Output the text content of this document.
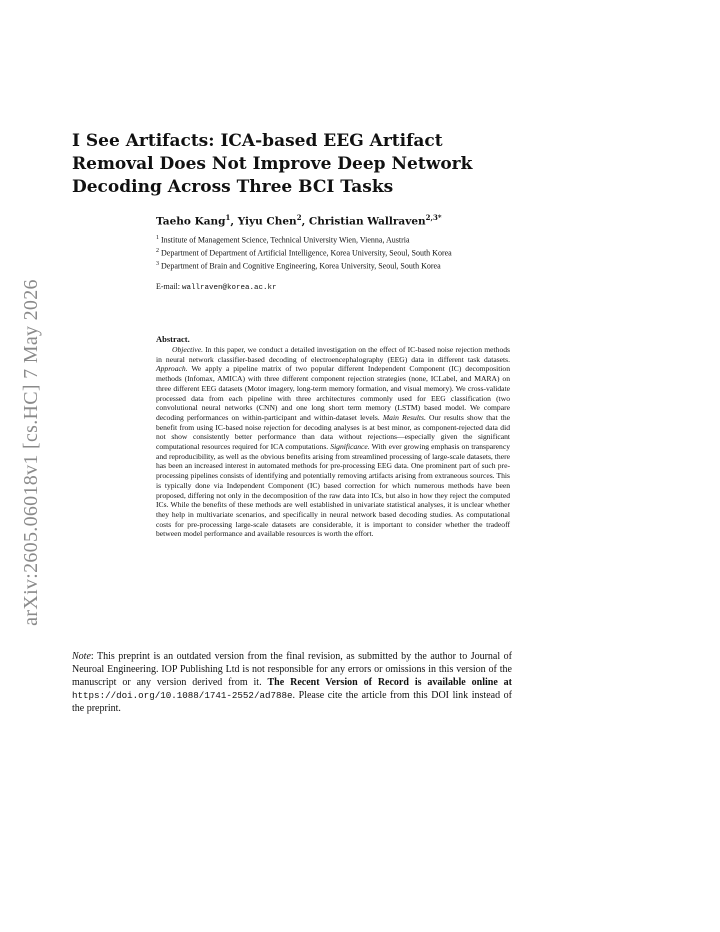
arXiv:2605.06018v1 [cs.HC] 7 May 2026
I See Artifacts: ICA-based EEG Artifact Removal Does Not Improve Deep Network Decoding Across Three BCI Tasks

Taeho Kang$^1$, Yiyu Chen$^2$, Christian Wallraven$^{2,3*}$

$^1$ Institute of Management Science, Technical University Wien, Vienna, Austria

$^2$ Department of Department of Artificial Intelligence, Korea University, Seoul, South Korea

$^3$ Department of Brain and Cognitive Engineering, Korea University, Seoul, South Korea

E-mail: wallraven@korea.ac.kr

Abstract.

Objective. In this paper, we conduct a detailed investigation on the effect of IC-based noise rejection methods in neural network classifier-based decoding of electroencephalography (EEG) data in different task datasets. Approach. We apply a pipeline matrix of two popular different Independent Component (IC) decomposition methods (Infomax, AMICA) with three different component rejection strategies (none, ICLabel, and MARA) on three different EEG datasets (Motor imagery, long-term memory formation, and visual memory). We cross-validate processed data from each pipeline with three architectures commonly used for EEG classification (two convolutional neural networks (CNN) and one long short term memory (LSTM) based model. We compare decoding performances on within-participant and within-dataset levels. Main Results. Our results show that the benefit from using IC-based noise rejection for decoding analyses is at best minor, as component-rejected data did not show consistently better performance than data without rejections—especially given the significant computational resources required for ICA computations. Significance. With ever growing emphasis on transparency and reproducibility, as well as the obvious benefits arising from streamlined processing of large-scale datasets, there has been an increased interest in automated methods for pre-processing EEG data. One prominent part of such pre-processing pipelines consists of identifying and potentially removing artifacts arising from extraneous sources. This is typically done via Independent Component (IC) based correction for which numerous methods have been proposed, differing not only in the decomposition of the raw data into ICs, but also in how they reject the computed ICs. While the benefits of these methods are well established in univariate statistical analyses, it is unclear whether they help in multivariate scenarios, and specifically in neural network based decoding studies. As computational costs for pre-processing large-scale datasets are considerable, it is important to consider whether the tradeoff between model performance and available resources is worth the effort.

Note: This preprint is an outdated version from the final revision, as submitted by the author to Journal of Neuroal Engineering. IOP Publishing Ltd is not responsible for any errors or omissions in this version of the manuscript or any version derived from it. The Recent Version of Record is available online at https://doi.org/10.1088/1741-2552/ad788e. Please cite the article from this DOI link instead of the preprint.
